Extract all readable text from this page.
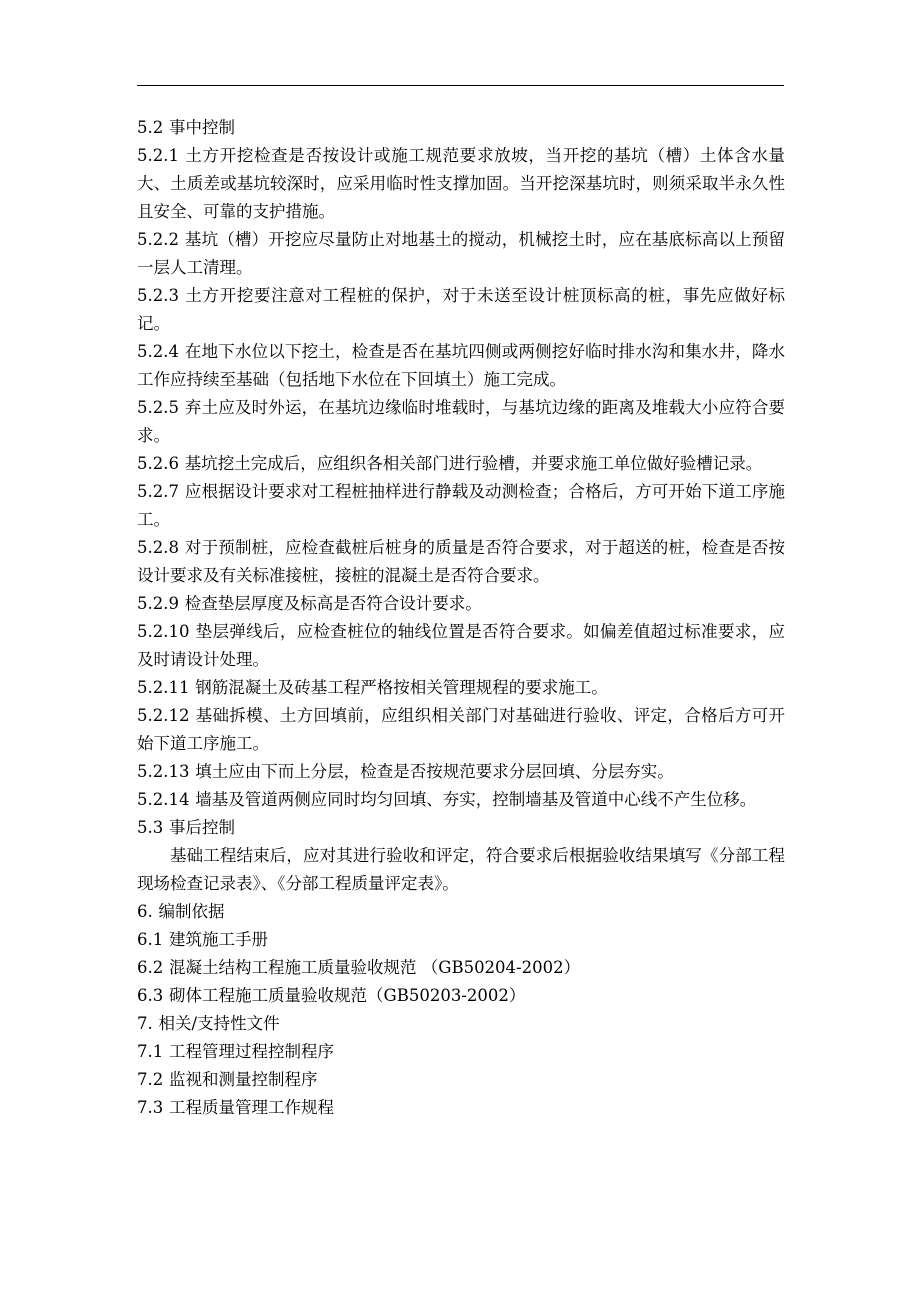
5.2 事中控制

5.2.1 土方开挖检查是否按设计或施工规范要求放坡，当开挖的基坑（槽）土体含水量大、土质差或基坑较深时，应采用临时性支撑加固。当开挖深基坑时，则须采取半永久性且安全、可靠的支护措施。

5.2.2 基坑（槽）开挖应尽量防止对地基土的搅动，机械挖土时，应在基底标高以上预留一层人工清理。

5.2.3 土方开挖要注意对工程桩的保护，对于未送至设计桩顶标高的桩，事先应做好标记。

5.2.4 在地下水位以下挖土，检查是否在基坑四侧或两侧挖好临时排水沟和集水井，降水工作应持续至基础（包括地下水位在下回填土）施工完成。

5.2.5 弃土应及时外运，在基坑边缘临时堆载时，与基坑边缘的距离及堆载大小应符合要求。

5.2.6 基坑挖土完成后，应组织各相关部门进行验槽，并要求施工单位做好验槽记录。

5.2.7 应根据设计要求对工程桩抽样进行静载及动测检查；合格后，方可开始下道工序施工。

5.2.8 对于预制桩，应检查截桩后桩身的质量是否符合要求，对于超送的桩，检查是否按设计要求及有关标准接桩，接桩的混凝土是否符合要求。

5.2.9 检查垫层厚度及标高是否符合设计要求。

5.2.10 垫层弹线后，应检查桩位的轴线位置是否符合要求。如偏差值超过标准要求，应及时请设计处理。

5.2.11 钢筋混凝土及砖基工程严格按相关管理规程的要求施工。

5.2.12 基础拆模、土方回填前，应组织相关部门对基础进行验收、评定，合格后方可开始下道工序施工。

5.2.13 填土应由下而上分层，检查是否按规范要求分层回填、分层夯实。

5.2.14 墙基及管道两侧应同时均匀回填、夯实，控制墙基及管道中心线不产生位移。

5.3 事后控制

基础工程结束后，应对其进行验收和评定，符合要求后根据验收结果填写《分部工程现场检查记录表》、《分部工程质量评定表》。

6. 编制依据

6.1 建筑施工手册

6.2 混凝土结构工程施工质量验收规范 （GB50204-2002）

6.3 砌体工程施工质量验收规范（GB50203-2002）

7. 相关/支持性文件

7.1 工程管理过程控制程序

7.2 监视和测量控制程序

7.3 工程质量管理工作规程
